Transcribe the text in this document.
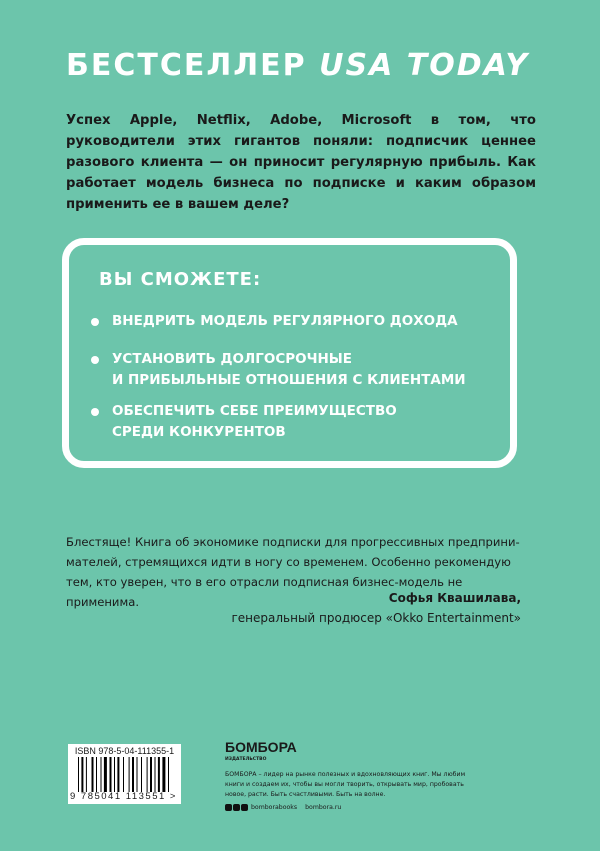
БЕСТСЕЛЛЕР USA TODAY
Успех Apple, Netflix, Adobe, Microsoft в том, что руководители этих гигантов поняли: подписчик ценнее разового клиента — он приносит регулярную прибыль. Как работает модель бизнеса по подписке и каким образом применить ее в вашем деле?
ВЫ СМОЖЕТЕ:
ВНЕДРИТЬ МОДЕЛЬ РЕГУЛЯРНОГО ДОХОДА
УСТАНОВИТЬ ДОЛГОСРОЧНЫЕ
И ПРИБЫЛЬНЫЕ ОТНОШЕНИЯ С КЛИЕНТАМИ
ОБЕСПЕЧИТЬ СЕБЕ ПРЕИМУЩЕСТВО
СРЕДИ КОНКУРЕНТОВ
Блестяще! Книга об экономике подписки для прогрессивных предприни-мателей, стремящихся идти в ногу со временем. Особенно рекомендую тем, кто уверен, что в его отрасли подписная бизнес-модель не применима.	Софья Квашилава,
генеральный продюсер «Okko Entertainment»
ISBN 978-5-04-111355-1
9 785041 113551 >
БОМБОРА
ИЗДАТЕЛЬСТВО
БОМБОРА – лидер на рынке полезных и вдохновляющих книг. Мы любим книги и создаем их, чтобы вы могли творить, открывать мир, пробовать новое, расти. Быть счастливыми. Быть на волне.
bomborabooks bombora.ru
